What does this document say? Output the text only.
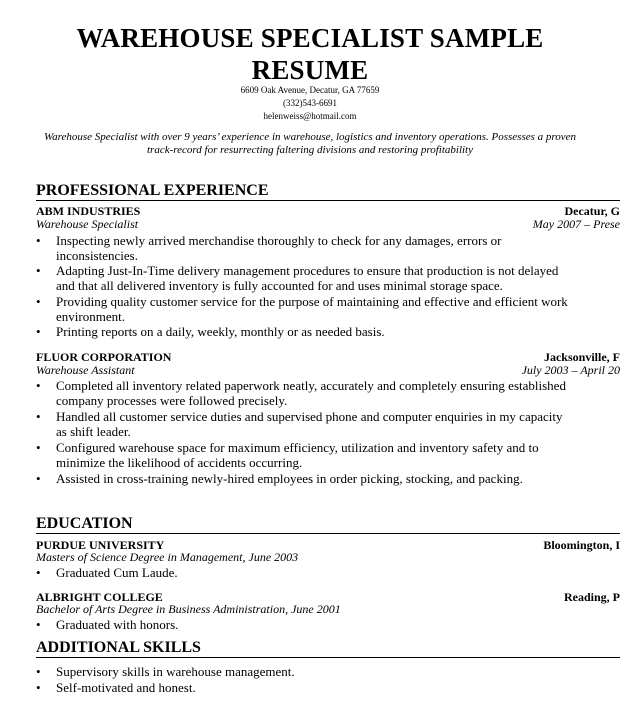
WAREHOUSE SPECIALIST SAMPLE
RESUME
6609 Oak Avenue, Decatur, GA 77659
(332)543-6691
helenweiss@hotmail.com
Warehouse Specialist with over 9 years’ experience in warehouse, logistics and inventory operations. Possesses a proven
track-record for resurrecting faltering divisions and restoring profitability
PROFESSIONAL EXPERIENCE
ABM INDUSTRIES	Decatur, G
Warehouse Specialist	May 2007 – Prese
• Inspecting newly arrived merchandise thoroughly to check for any damages, errors or
inconsistencies.
• Adapting Just-In-Time delivery management procedures to ensure that production is not delayed
and that all delivered inventory is fully accounted for and uses minimal storage space.
• Providing quality customer service for the purpose of maintaining and effective and efficient work
environment.
• Printing reports on a daily, weekly, monthly or as needed basis.
FLUOR CORPORATION	Jacksonville, F
Warehouse Assistant	July 2003 – April 20
• Completed all inventory related paperwork neatly, accurately and completely ensuring established
company processes were followed precisely.
• Handled all customer service duties and supervised phone and computer enquiries in my capacity
as shift leader.
• Configured warehouse space for maximum efficiency, utilization and inventory safety and to
minimize the likelihood of accidents occurring.
• Assisted in cross-training newly-hired employees in order picking, stocking, and packing.
EDUCATION
PURDUE UNIVERSITY	Bloomington, I
Masters of Science Degree in Management, June 2003
• Graduated Cum Laude.
ALBRIGHT COLLEGE	Reading, P
Bachelor of Arts Degree in Business Administration, June 2001
• Graduated with honors.
ADDITIONAL SKILLS
• Supervisory skills in warehouse management.
• Self-motivated and honest.
